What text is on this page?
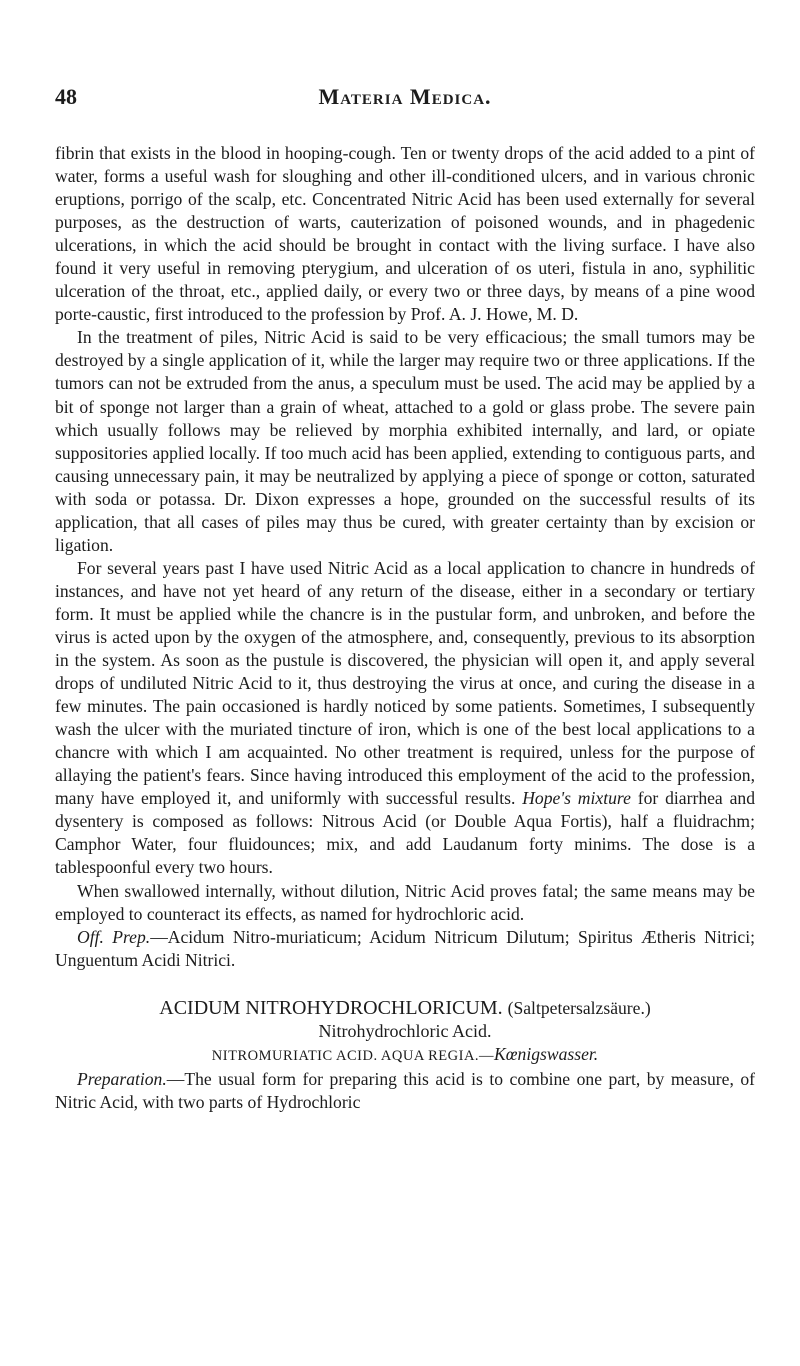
48	Materia Medica.

fibrin that exists in the blood in hooping-cough. Ten or twenty drops of the acid added to a pint of water, forms a useful wash for sloughing and other ill-conditioned ulcers, and in various chronic eruptions, porrigo of the scalp, etc. Concentrated Nitric Acid has been used externally for several purposes, as the destruction of warts, cauterization of poisoned wounds, and in phagedenic ulcerations, in which the acid should be brought in contact with the living surface. I have also found it very useful in removing pterygium, and ulceration of os uteri, fistula in ano, syphilitic ulceration of the throat, etc., applied daily, or every two or three days, by means of a pine wood porte-caustic, first introduced to the profession by Prof. A. J. Howe, M. D.

In the treatment of piles, Nitric Acid is said to be very efficacious; the small tumors may be destroyed by a single application of it, while the larger may require two or three applications. If the tumors can not be extruded from the anus, a speculum must be used. The acid may be applied by a bit of sponge not larger than a grain of wheat, attached to a gold or glass probe. The severe pain which usually follows may be relieved by morphia exhibited internally, and lard, or opiate suppositories applied locally. If too much acid has been applied, extending to contiguous parts, and causing unnecessary pain, it may be neutralized by applying a piece of sponge or cotton, saturated with soda or potassa. Dr. Dixon expresses a hope, grounded on the successful results of its application, that all cases of piles may thus be cured, with greater certainty than by excision or ligation.

For several years past I have used Nitric Acid as a local application to chancre in hundreds of instances, and have not yet heard of any return of the disease, either in a secondary or tertiary form. It must be applied while the chancre is in the pustular form, and unbroken, and before the virus is acted upon by the oxygen of the atmosphere, and, consequently, previous to its absorption in the system. As soon as the pustule is discovered, the physician will open it, and apply several drops of undiluted Nitric Acid to it, thus destroying the virus at once, and curing the disease in a few minutes. The pain occasioned is hardly noticed by some patients. Sometimes, I subsequently wash the ulcer with the muriated tincture of iron, which is one of the best local applications to a chancre with which I am acquainted. No other treatment is required, unless for the purpose of allaying the patient's fears. Since having introduced this employment of the acid to the profession, many have employed it, and uniformly with successful results. Hope's mixture for diarrhea and dysentery is composed as follows: Nitrous Acid (or Double Aqua Fortis), half a fluidrachm; Camphor Water, four fluidounces; mix, and add Laudanum forty minims. The dose is a tablespoonful every two hours.

When swallowed internally, without dilution, Nitric Acid proves fatal; the same means may be employed to counteract its effects, as named for hydrochloric acid.

Off. Prep.—Acidum Nitro-muriaticum; Acidum Nitricum Dilutum; Spiritus Ætheris Nitrici; Unguentum Acidi Nitrici.

ACIDUM NITROHYDROCHLORICUM. (Saltpetersalzsäure.)
Nitrohydrochloric Acid.
NITROMURIATIC ACID. AQUA REGIA.—Kœnigswasser.

Preparation.—The usual form for preparing this acid is to combine one part, by measure, of Nitric Acid, with two parts of Hydrochloric
